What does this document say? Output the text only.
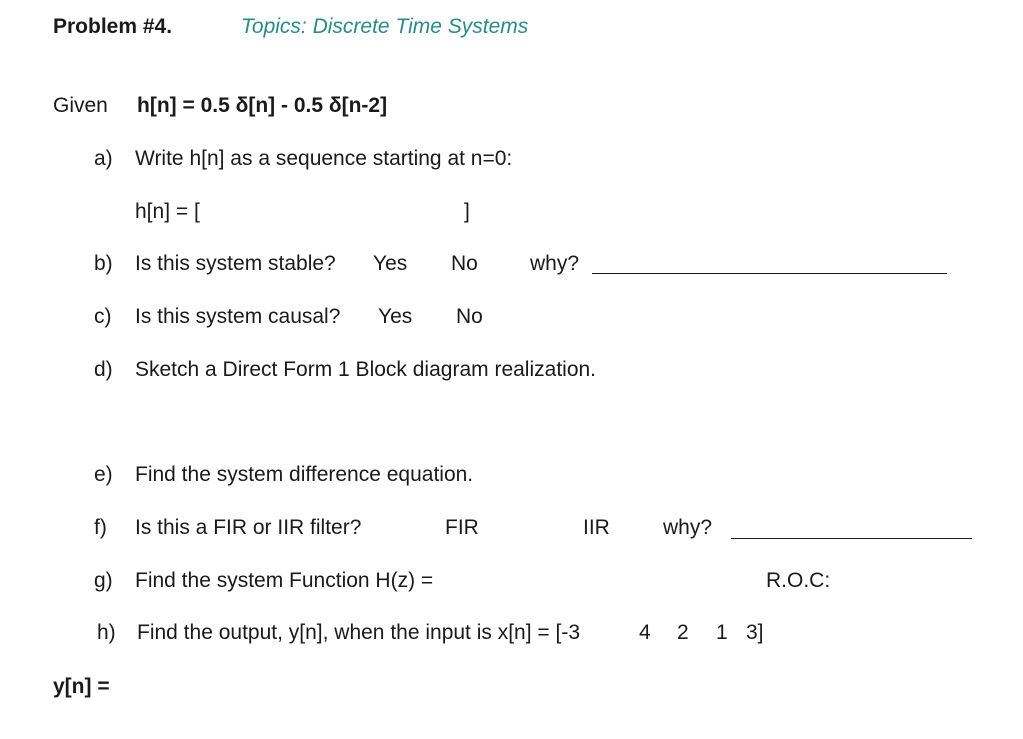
Problem #4.	Topics: Discrete Time Systems
Given h[n] = 0.5 δ[n] - 0.5 δ[n-2]
a) Write h[n] as a sequence starting at n=0:
h[n] = [	]
b) Is this system stable? Yes No why?
c) Is this system causal? Yes No
d) Sketch a Direct Form 1 Block diagram realization.
e) Find the system difference equation.
f) Is this a FIR or IIR filter?	FIR	IIR	why?
g) Find the system Function H(z) =	R.O.C:
h) Find the output, y[n], when the input is x[n] = [-3	4 2 1 3]
y[n] =
